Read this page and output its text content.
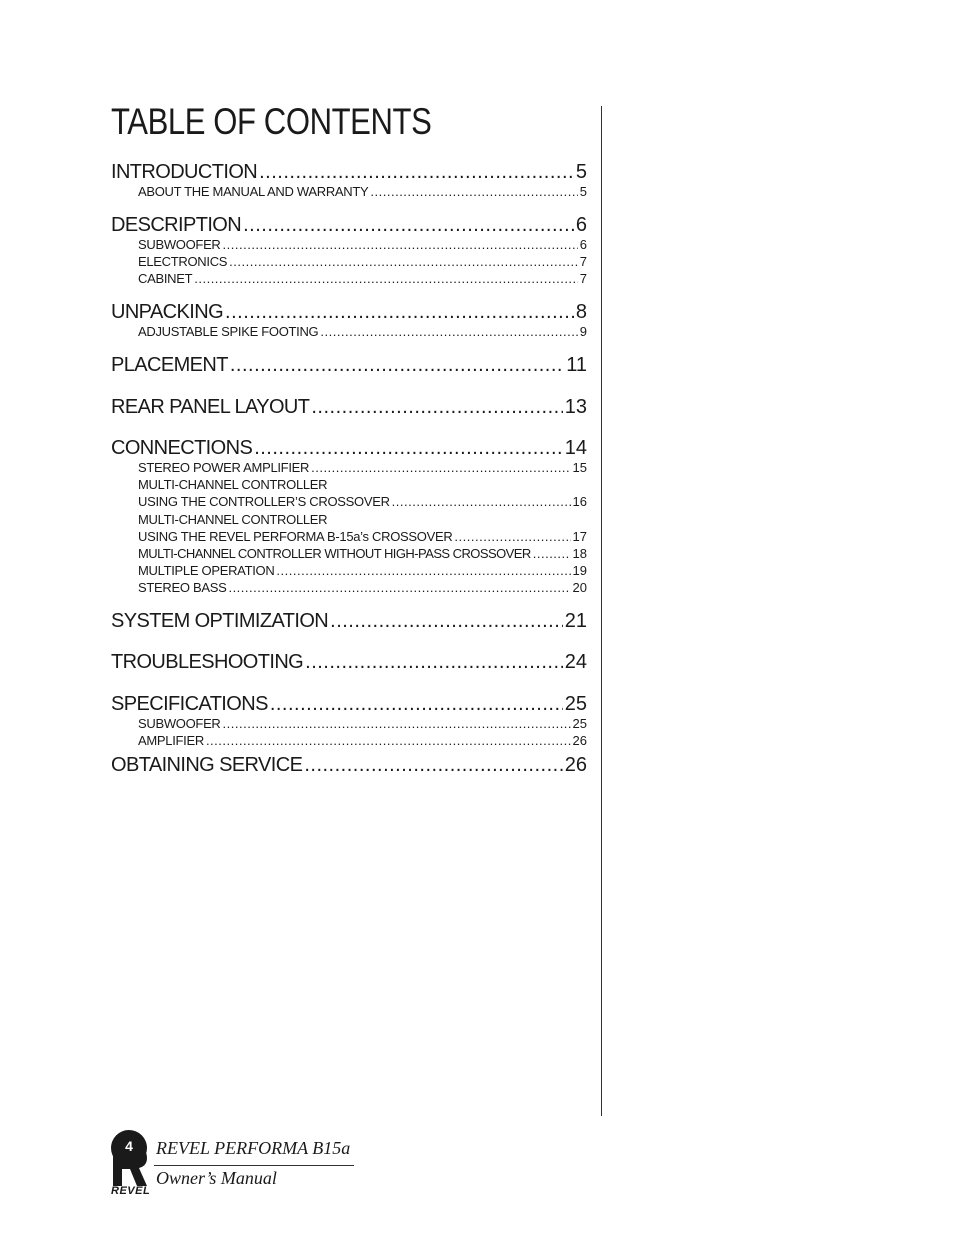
TABLE OF CONTENTS
INTRODUCTION .....	5
ABOUT THE MANUAL AND WARRANTY .....	5
DESCRIPTION .....	6
SUBWOOFER .....	6
ELECTRONICS .....	7
CABINET .....	7
UNPACKING .....	8
ADJUSTABLE SPIKE FOOTING .....	9
PLACEMENT .....	11
REAR PANEL LAYOUT .....	13
CONNECTIONS .....	14
STEREO POWER AMPLIFIER .....	15
MULTI-CHANNEL CONTROLLER
USING THE CONTROLLER’S CROSSOVER .....	16
MULTI-CHANNEL CONTROLLER
USING THE REVEL PERFORMA B-15a’s CROSSOVER .....	17
MULTI-CHANNEL CONTROLLER WITHOUT HIGH-PASS CROSSOVER .....	18
MULTIPLE OPERATION .....	19
STEREO BASS .....	20
SYSTEM OPTIMIZATION .....	21
TROUBLESHOOTING .....	24
SPECIFICATIONS .....	25
SUBWOOFER .....	25
AMPLIFIER .....	26
OBTAINING SERVICE .....	26
4
REVEL
REVEL PERFORMA B15a
Owner’s Manual
